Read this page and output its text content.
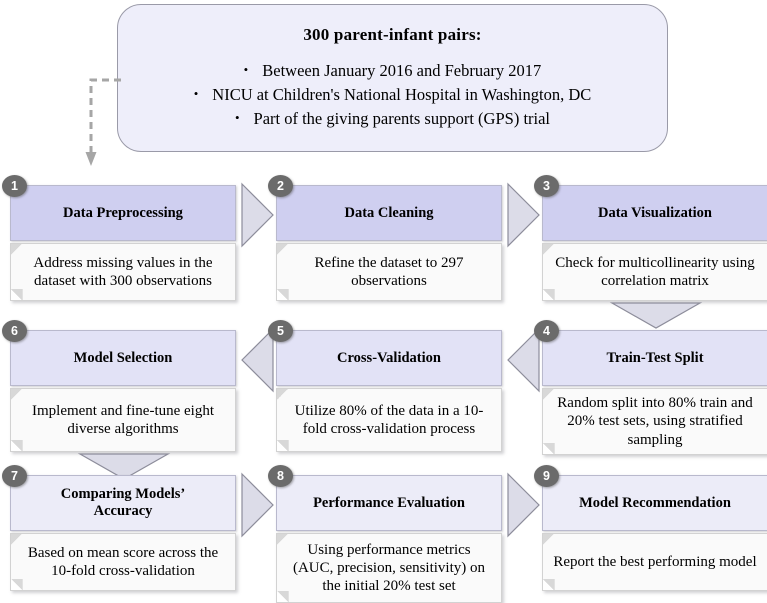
300 parent-infant pairs:
• Between January 2016 and February 2017
• NICU at Children's National Hospital in Washington, DC
• Part of the giving parents support (GPS) trial
1
Data Preprocessing
Address missing values in the dataset with 300 observations
2
Data Cleaning
Refine the dataset to 297 observations
3
Data Visualization
Check for multicollinearity using correlation matrix
6
Model Selection
Implement and fine-tune eight diverse algorithms
5
Cross-Validation
Utilize 80% of the data in a 10-fold cross-validation process
4
Train-Test Split
Random split into 80% train and 20% test sets, using stratified sampling
7
Comparing Models’ Accuracy
Based on mean score across the 10-fold cross-validation
8
Performance Evaluation
Using performance metrics (AUC, precision, sensitivity) on the initial 20% test set
9
Model Recommendation
Report the best performing model
